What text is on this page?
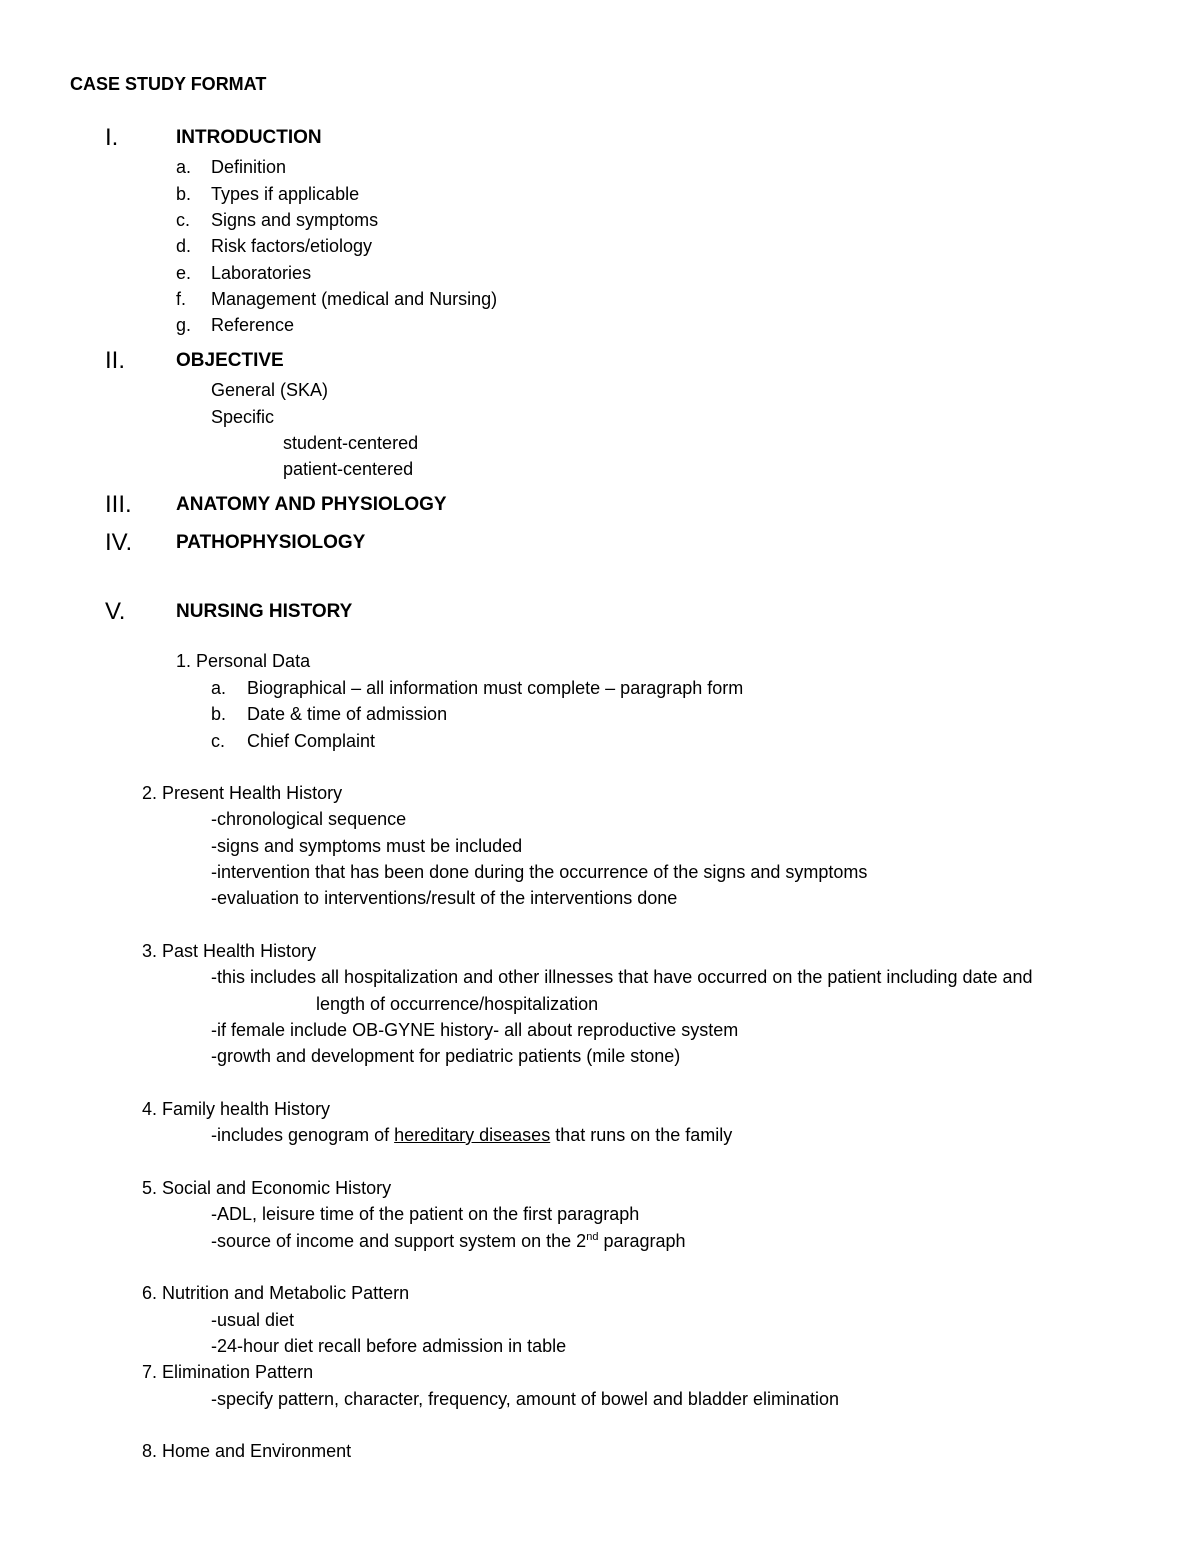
CASE STUDY FORMAT
I.	INTRODUCTION
a. Definition
b. Types if applicable
c. Signs and symptoms
d. Risk factors/etiology
e. Laboratories
f. Management (medical and Nursing)
g. Reference
II.	OBJECTIVE
General (SKA)
Specific
student-centered
patient-centered
III. ANATOMY AND PHYSIOLOGY
IV. PATHOPHYSIOLOGY
V.	NURSING HISTORY
1. Personal Data
a. Biographical – all information must complete – paragraph form
b. Date & time of admission
c. Chief Complaint
2. Present Health History
-chronological sequence
-signs and symptoms must be included
-intervention that has been done during the occurrence of the signs and symptoms
-evaluation to interventions/result of the interventions done
3. Past Health History
-this includes all hospitalization and other illnesses that have occurred on the patient including date and
length of occurrence/hospitalization
-if female include OB-GYNE history- all about reproductive system
-growth and development for pediatric patients (mile stone)
4. Family health History
-includes genogram of hereditary diseases that runs on the family
5. Social and Economic History
-ADL, leisure time of the patient on the first paragraph
-source of income and support system on the 2nd paragraph
6. Nutrition and Metabolic Pattern
-usual diet
-24-hour diet recall before admission in table
7. Elimination Pattern
-specify pattern, character, frequency, amount of bowel and bladder elimination
8. Home and Environment
